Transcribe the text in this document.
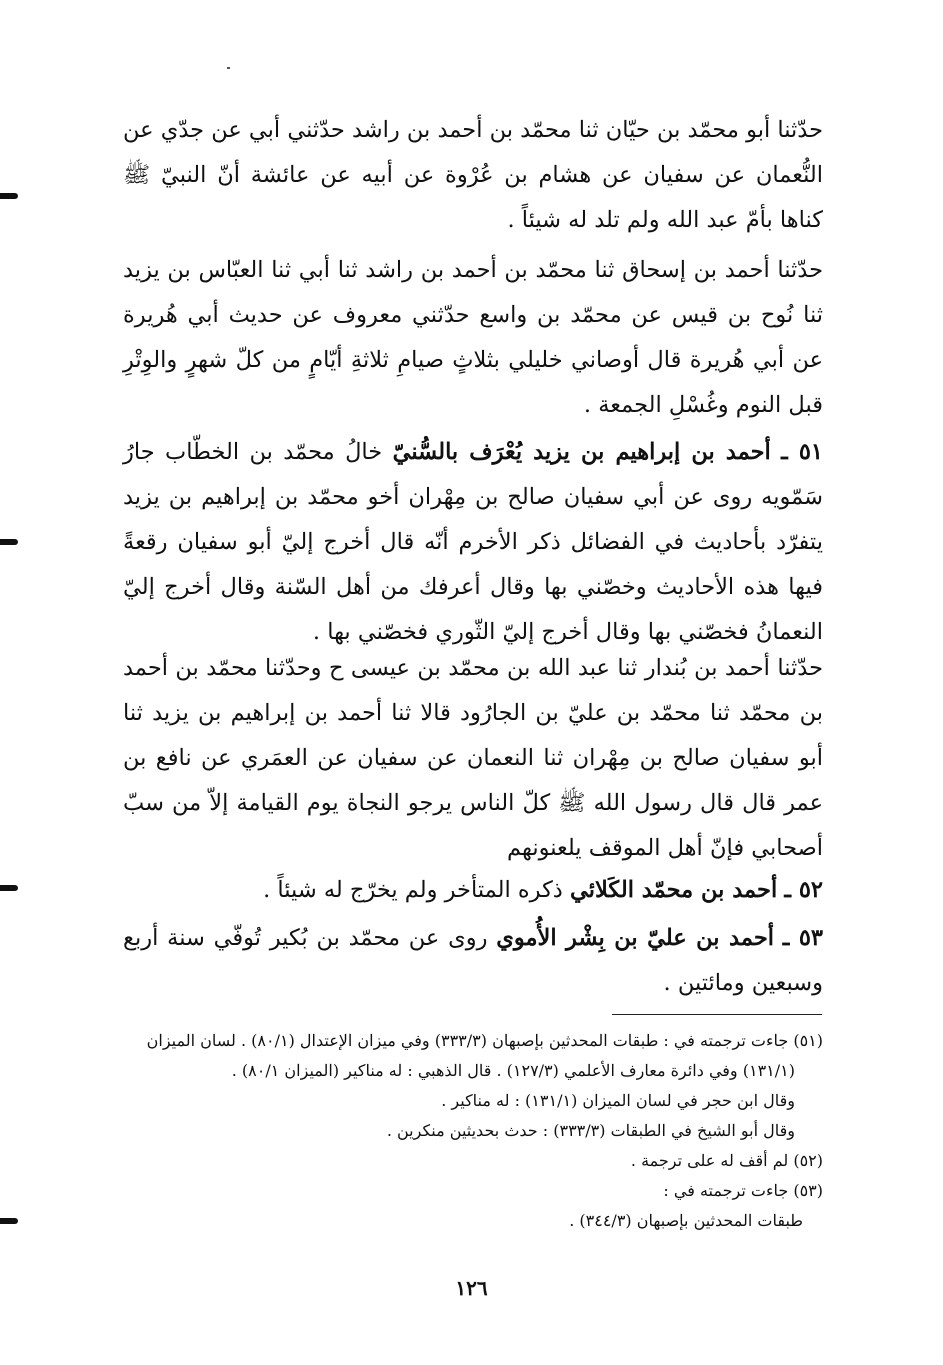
حدّثنا أبو محمّد بن حيّان ثنا محمّد بن أحمد بن راشد حدّثني أبي عن جدّي عن النُّعمان عن سفيان عن هشام بن عُرْوة عن أبيه عن عائشة أنّ النبيّ ﷺ كناها بأمّ عبد الله ولم تلد له شيئاً .

حدّثنا أحمد بن إسحاق ثنا محمّد بن أحمد بن راشد ثنا أبي ثنا العبّاس بن يزيد ثنا نُوح بن قيس عن محمّد بن واسع حدّثني معروف عن حديث أبي هُريرة عن أبي هُريرة قال أوصاني خليلي بثلاثٍ صيامِ ثلاثةِ أيّامٍ من كلّ شهرٍ والوِتْرِ قبل النوم وغُسْلِ الجمعة .

٥١ ـ أحمد بن إبراهيم بن يزيد يُعْرَف بالسُّنيّ خالُ محمّد بن الخطّاب جارُ سَمّويه روى عن أبي سفيان صالح بن مِهْران أخو محمّد بن إبراهيم بن يزيد يتفرّد بأحاديث في الفضائل ذكر الأخرم أنّه قال أخرج إليّ أبو سفيان رقعةً فيها هذه الأحاديث وخصّني بها وقال أعرفك من أهل السّنة وقال أخرج إليّ النعمانُ فخصّني بها وقال أخرج إليّ الثّوري فخصّني بها .

حدّثنا أحمد بن بُندار ثنا عبد الله بن محمّد بن عيسى ح وحدّثنا محمّد بن أحمد بن محمّد ثنا محمّد بن عليّ بن الجارُود قالا ثنا أحمد بن إبراهيم بن يزيد ثنا أبو سفيان صالح بن مِهْران ثنا النعمان عن سفيان عن العمَري عن نافع بن عمر قال قال رسول الله ﷺ كلّ الناس يرجو النجاة يوم القيامة إلاّ من سبّ أصحابي فإنّ أهل الموقف يلعنونهم

٥٢ ـ أحمد بن محمّد الكَلائي ذكره المتأخر ولم يخرّج له شيئاً .

٥٣ ـ أحمد بن عليّ بن بِشْر الأُموي روى عن محمّد بن بُكير تُوفّي سنة أربع وسبعين ومائتين .

(٥١) جاءت ترجمته في : طبقات المحدثين بإصبهان (٣٣٣/٣) وفي ميزان الإعتدال (٨٠/١) . لسان الميزان

(١٣١/١) وفي دائرة معارف الأعلمي (١٢٧/٣) . قال الذهبي : له مناكير (الميزان ٨٠/١) .

وقال ابن حجر في لسان الميزان (١٣١/١) : له مناكير .

وقال أبو الشيخ في الطبقات (٣٣٣/٣) : حدث بحديثين منكرين .

(٥٢) لم أقف له على ترجمة .

(٥٣) جاءت ترجمته في :

طبقات المحدثين بإصبهان (٣٤٤/٣) .

١٢٦
